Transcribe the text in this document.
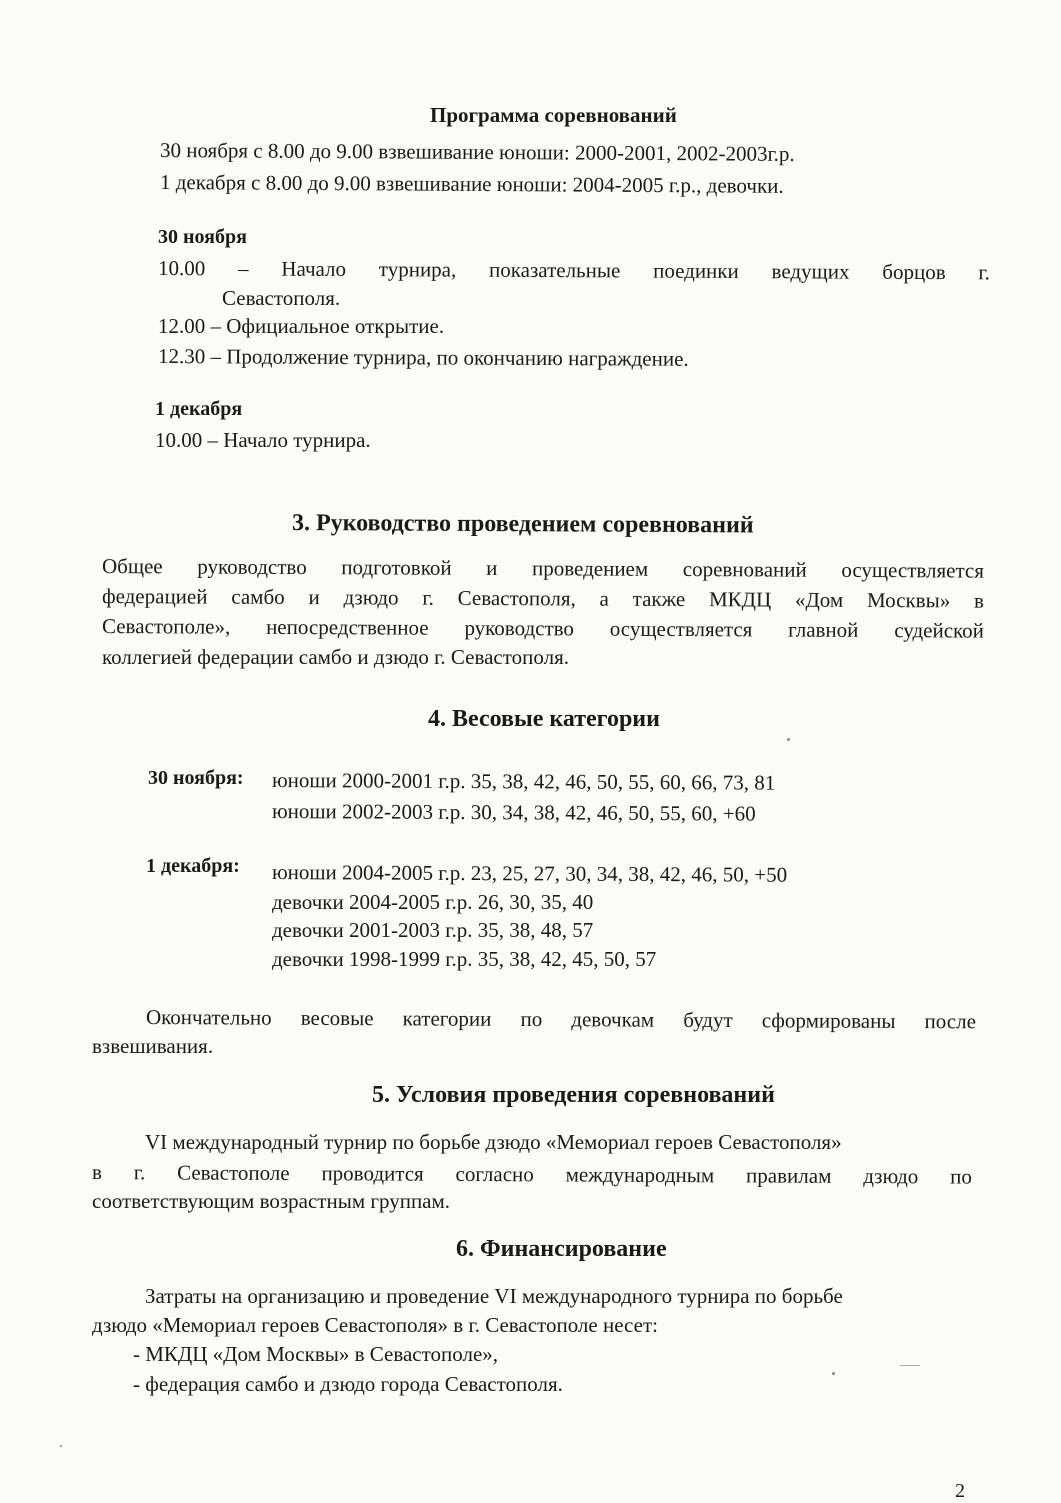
Программа соревнований
30 ноября с 8.00 до 9.00 взвешивание юноши: 2000-2001, 2002-2003г.р.
1 декабря с 8.00 до 9.00 взвешивание юноши: 2004-2005 г.р., девочки.
30 ноября
10.00 – Начало турнира, показательные поединки ведущих борцов г.
Севастополя.
12.00 – Официальное открытие.
12.30 – Продолжение турнира, по окончанию награждение.
1 декабря
10.00 – Начало турнира.
3. Руководство проведением соревнований
Общее руководство подготовкой и проведением соревнований осуществляется
федерацией самбо и дзюдо г. Севастополя, а также МКДЦ «Дом Москвы» в
Севастополе», непосредственное руководство осуществляется главной судейской
коллегией федерации самбо и дзюдо г. Севастополя.
4. Весовые категории
30 ноября: юноши 2000-2001 г.р. 35, 38, 42, 46, 50, 55, 60, 66, 73, 81
юноши 2002-2003 г.р. 30, 34, 38, 42, 46, 50, 55, 60, +60
1 декабря: юноши 2004-2005 г.р. 23, 25, 27, 30, 34, 38, 42, 46, 50, +50
девочки 2004-2005 г.р. 26, 30, 35, 40
девочки 2001-2003 г.р. 35, 38, 48, 57
девочки 1998-1999 г.р. 35, 38, 42, 45, 50, 57
Окончательно весовые категории по девочкам будут сформированы после
взвешивания.
5. Условия проведения соревнований
VI международный турнир по борьбе дзюдо «Мемориал героев Севастополя»
в г. Севастополе проводится согласно международным правилам дзюдо по
соответствующим возрастным группам.
6. Финансирование
Затраты на организацию и проведение VI международного турнира по борьбе
дзюдо «Мемориал героев Севастополя» в г. Севастополе несет:
- МКДЦ «Дом Москвы» в Севастополе»,
- федерация самбо и дзюдо города Севастополя.
2
